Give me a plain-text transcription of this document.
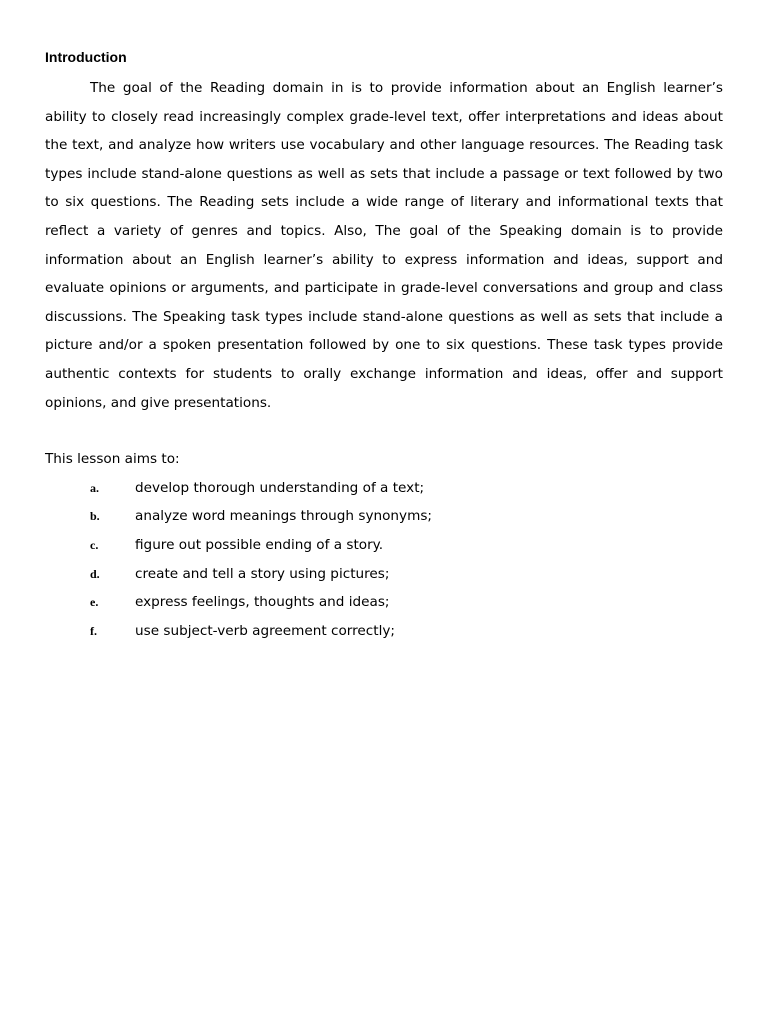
Introduction

The goal of the Reading domain in is to provide information about an English learner’s ability to closely read increasingly complex grade-level text, offer interpretations and ideas about the text, and analyze how writers use vocabulary and other language resources. The Reading task types include stand-alone questions as well as sets that include a passage or text followed by two to six questions. The Reading sets include a wide range of literary and informational texts that reflect a variety of genres and topics. Also, The goal of the Speaking domain is to provide information about an English learner’s ability to express information and ideas, support and evaluate opinions or arguments, and participate in grade-level conversations and group and class discussions. The Speaking task types include stand-alone questions as well as sets that include a picture and/or a spoken presentation followed by one to six questions. These task types provide authentic contexts for students to orally exchange information and ideas, offer and support opinions, and give presentations.

This lesson aims to:
a.	develop thorough understanding of a text;
b.	analyze word meanings through synonyms;
c.	figure out possible ending of a story.
d.	create and tell a story using pictures;
e.	express feelings, thoughts and ideas;
f.	use subject-verb agreement correctly;
